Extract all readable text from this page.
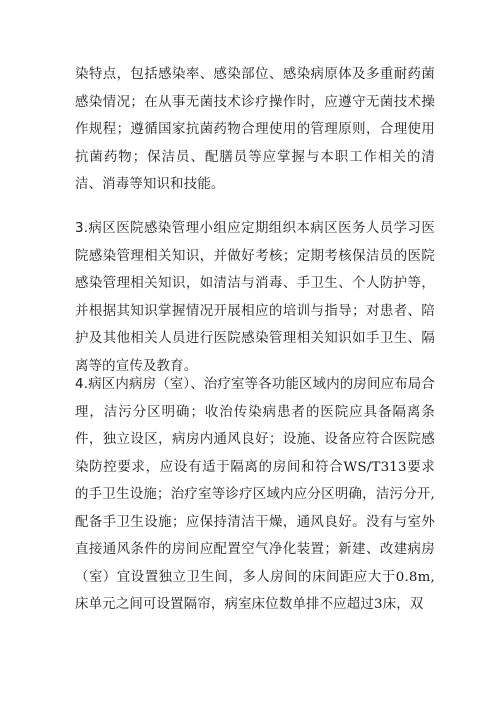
染特点，包括感染率、感染部位、感染病原体及多重耐药菌感染情况；在从事无菌技术诊疗操作时，应遵守无菌技术操作规程；遵循国家抗菌药物合理使用的管理原则，合理使用抗菌药物；保洁员、配膳员等应掌握与本职工作相关的清洁、消毒等知识和技能。

3.病区医院感染管理小组应定期组织本病区医务人员学习医院感染管理相关知识，并做好考核；定期考核保洁员的医院感染管理相关知识，如清洁与消毒、手卫生、个人防护等，并根据其知识掌握情况开展相应的培训与指导；对患者、陪护及其他相关人员进行医院感染管理相关知识如手卫生、隔离等的宣传及教育。

4.病区内病房（室）、治疗室等各功能区域内的房间应布局合理，洁污分区明确；收治传染病患者的医院应具备隔离条件，独立设区，病房内通风良好；设施、设备应符合医院感染防控要求，应设有适于隔离的房间和符合WS/T313要求的手卫生设施；治疗室等诊疗区域内应分区明确，洁污分开,配备手卫生设施；应保持清洁干燥，通风良好。没有与室外直接通风条件的房间应配置空气净化装置；新建、改建病房（室）宜设置独立卫生间，多人房间的床间距应大于0.8m,床单元之间可设置隔帘，病室床位数单排不应超过3床，双
